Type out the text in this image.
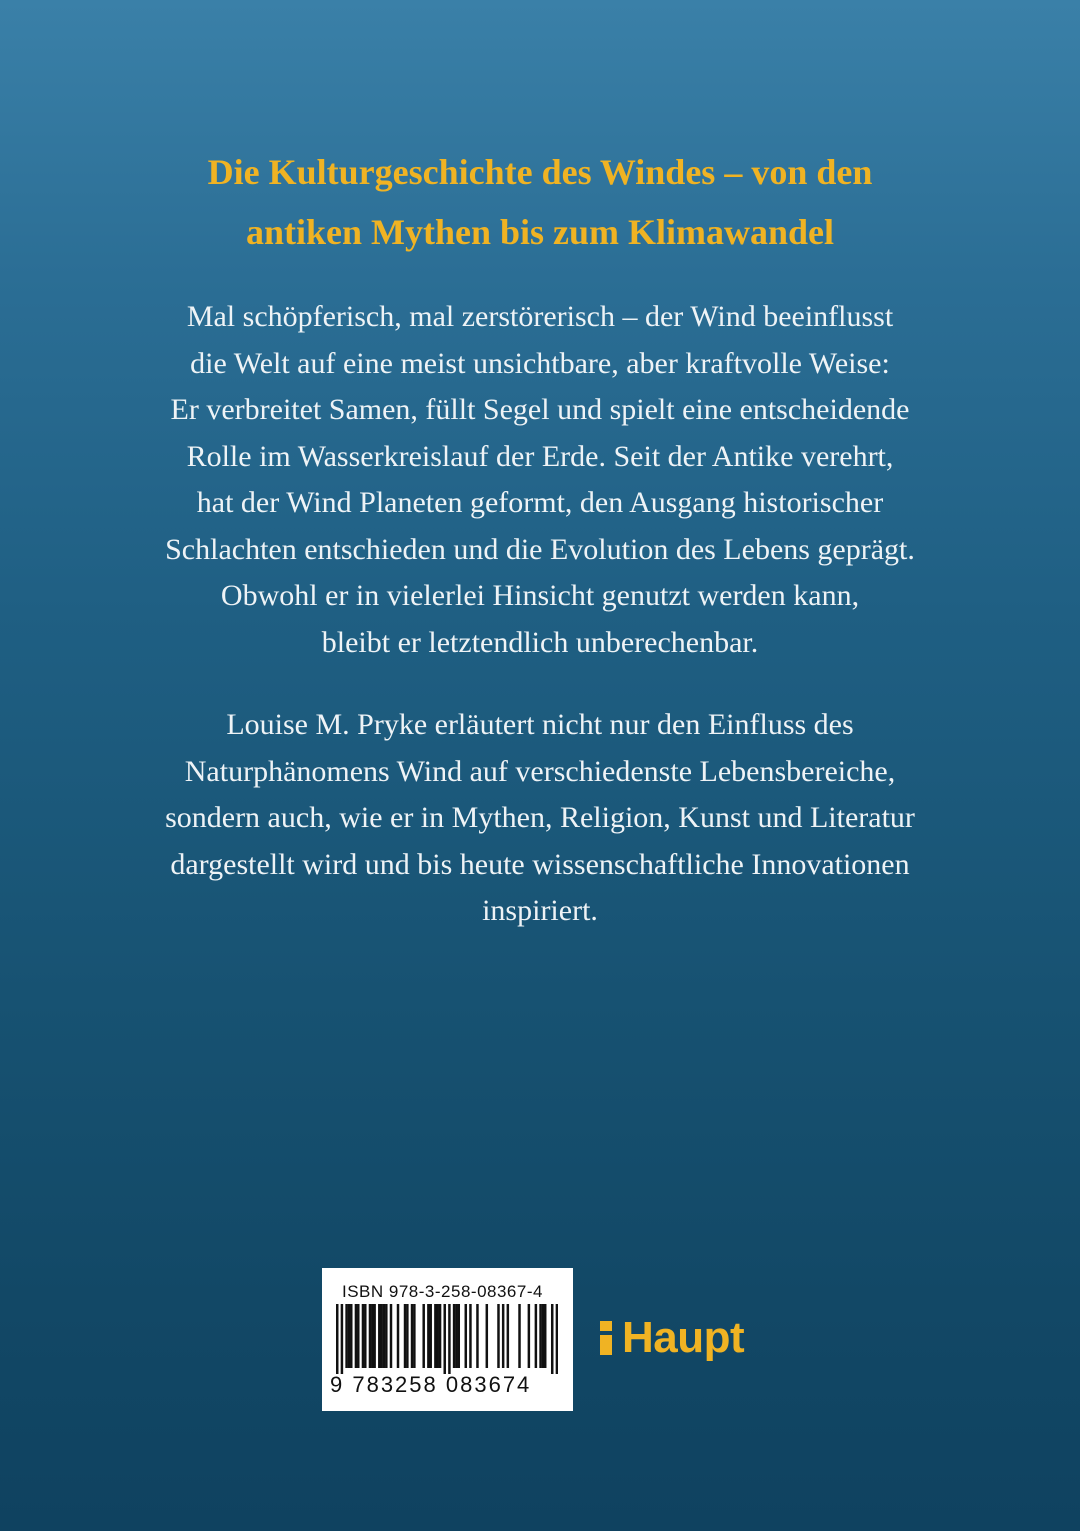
Die Kulturgeschichte des Windes – von den
antiken Mythen bis zum Klimawandel

Mal schöpferisch, mal zerstörerisch – der Wind beeinflusst
die Welt auf eine meist unsichtbare, aber kraftvolle Weise:
Er verbreitet Samen, füllt Segel und spielt eine entscheidende
Rolle im Wasserkreislauf der Erde. Seit der Antike verehrt,
hat der Wind Planeten geformt, den Ausgang historischer
Schlachten entschieden und die Evolution des Lebens geprägt.
Obwohl er in vielerlei Hinsicht genutzt werden kann,
bleibt er letztendlich unberechenbar.

Louise M. Pryke erläutert nicht nur den Einfluss des
Naturphänomens Wind auf verschiedenste Lebensbereiche,
sondern auch, wie er in Mythen, Religion, Kunst und Literatur
dargestellt wird und bis heute wissenschaftliche Innovationen
inspiriert.

ISBN 978-3-258-08367-4
9 783258 083674
Haupt
